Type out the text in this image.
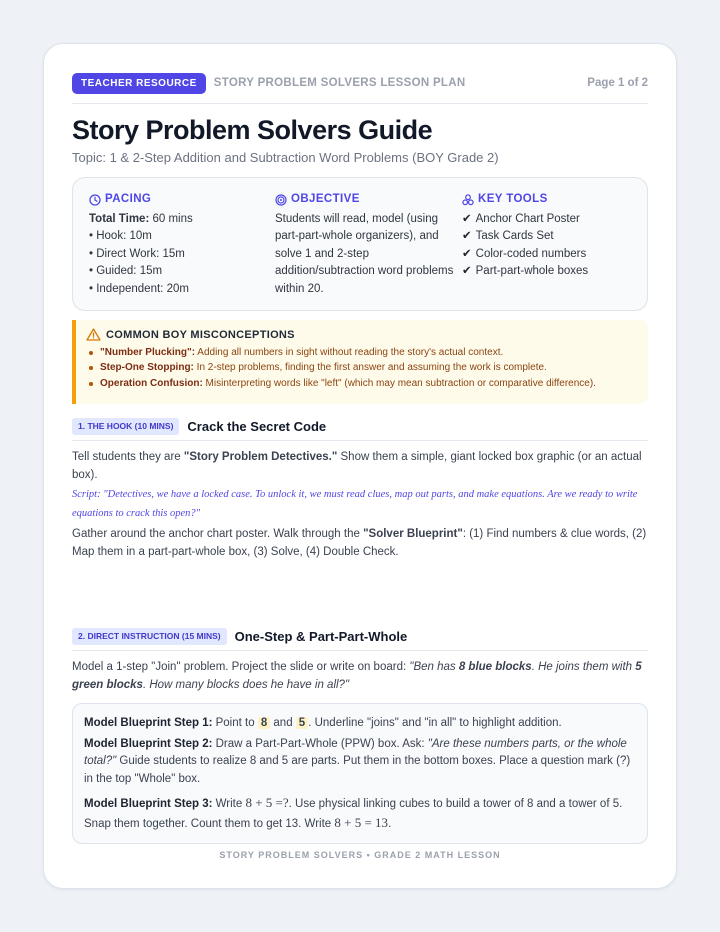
TEACHER RESOURCE	STORY PROBLEM SOLVERS LESSON PLAN	Page 1 of 2
Story Problem Solvers Guide
Topic: 1 & 2-Step Addition and Subtraction Word Problems (BOY Grade 2)
PACING
Total Time: 60 mins
• Hook: 10m
• Direct Work: 15m
• Guided: 15m
• Independent: 20m
OBJECTIVE
Students will read, model (using part-part-whole organizers), and solve 1 and 2-step addition/subtraction word problems within 20.
KEY TOOLS
✔ Anchor Chart Poster
✔ Task Cards Set
✔ Color-coded numbers
✔ Part-part-whole boxes
COMMON BOY MISCONCEPTIONS
"Number Plucking": Adding all numbers in sight without reading the story's actual context.
Step-One Stopping: In 2-step problems, finding the first answer and assuming the work is complete.
Operation Confusion: Misinterpreting words like "left" (which may mean subtraction or comparative difference).
1. THE HOOK (10 MINS)	Crack the Secret Code

Tell students they are "Story Problem Detectives." Show them a simple, giant locked box graphic (or an actual box).

Script: "Detectives, we have a locked case. To unlock it, we must read clues, map out parts, and make equations. Are we ready to write equations to crack this open?"

Gather around the anchor chart poster. Walk through the "Solver Blueprint": (1) Find numbers & clue words, (2) Map them in a part-part-whole box, (3) Solve, (4) Double Check.

2. DIRECT INSTRUCTION (15 MINS)	One-Step & Part-Part-Whole

Model a 1-step "Join" problem. Project the slide or write on board: "Ben has 8 blue blocks. He joins them with 5 green blocks. How many blocks does he have in all?"

Model Blueprint Step 1: Point to 8 and 5 . Underline "joins" and "in all" to highlight addition.

Model Blueprint Step 2: Draw a Part-Part-Whole (PPW) box. Ask: "Are these numbers parts, or the whole total?" Guide students to realize 8 and 5 are parts. Put them in the bottom boxes. Place a question mark (?) in the top "Whole" box.

Model Blueprint Step 3: Write 8 + 5 =?. Use physical linking cubes to build a tower of 8 and a tower of 5. Snap them together. Count them to get 13. Write 8 + 5 = 13.

STORY PROBLEM SOLVERS • GRADE 2 MATH LESSON
